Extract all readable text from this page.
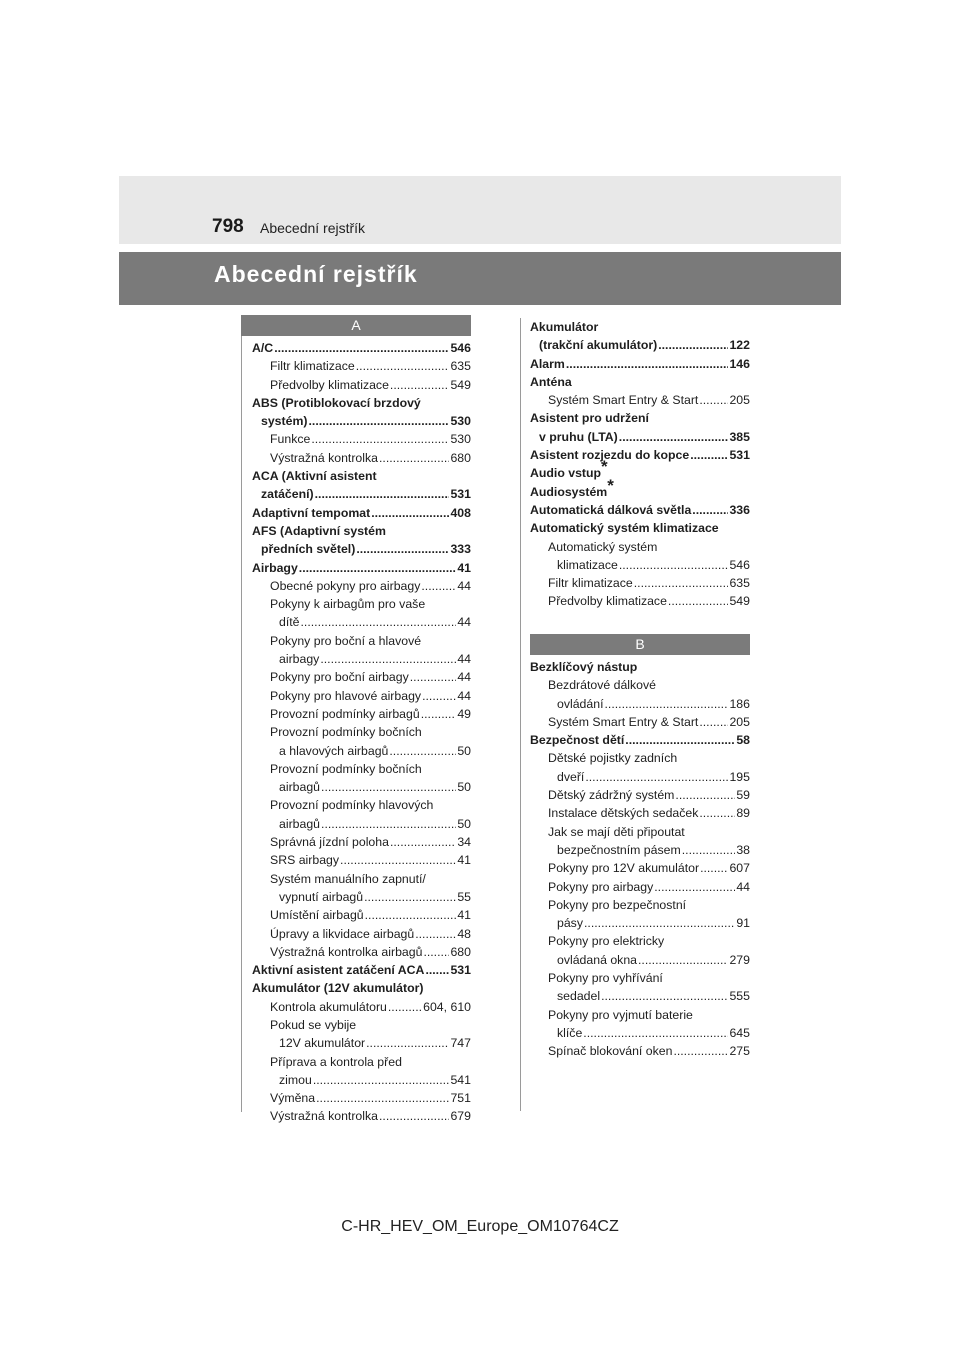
798 Abecední rejstřík
Abecední rejstřík
A
A/C .....	546
Filtr klimatizace .....	635
Předvolby klimatizace .....	549
ABS (Protiblokovací brzdový
systém) .....	530
Funkce .....	530
Výstražná kontrolka .....	680
ACA (Aktivní asistent
zatáčení) .....	531
Adaptivní tempomat .....	408
AFS (Adaptivní systém
předních světel) .....	333
Airbagy .....	41
Obecné pokyny pro airbagy .....	44
Pokyny k airbagům pro vaše
dítě .....	44
Pokyny pro boční a hlavové
airbagy .....	44
Pokyny pro boční airbagy .....	44
Pokyny pro hlavové airbagy .....	44
Provozní podmínky airbagů .....	49
Provozní podmínky bočních
a hlavových airbagů .....	50
Provozní podmínky bočních
airbagů .....	50
Provozní podmínky hlavových
airbagů .....	50
Správná jízdní poloha .....	34
SRS airbagy .....	41
Systém manuálního zapnutí/
vypnutí airbagů .....	55
Umístění airbagů .....	41
Úpravy a likvidace airbagů .....	48
Výstražná kontrolka airbagů ..... 680
Aktivní asistent zatáčení ACA ..... 531
Akumulátor (12V akumulátor)
Kontrola akumulátoru .....	604, 610
Pokud se vybije
12V akumulátor .....	747
Příprava a kontrola před
zimou .....	541
Výměna .....	751
Výstražná kontrolka .....	679
Akumulátor
(trakční akumulátor) .....	122
Alarm .....	146
Anténa
Systém Smart Entry & Start .....	205
Asistent pro udržení
v pruhu (LTA) .....	385
Asistent rozjezdu do kopce .....	531
Audio vstup*
Audiosystém*
Automatická dálková světla .....	336
Automatický systém klimatizace
Automatický systém
klimatizace .....	546
Filtr klimatizace .....	635
Předvolby klimatizace .....	549
B
Bezklíčový nástup
Bezdrátové dálkové
ovládání .....	186
Systém Smart Entry & Start .....	205
Bezpečnost dětí .....	58
Dětské pojistky zadních
dveří .....	195
Dětský zádržný systém .....	59
Instalace dětských sedaček .....	89
Jak se mají děti připoutat
bezpečnostním pásem .....	38
Pokyny pro 12V akumulátor ..... 607
Pokyny pro airbagy .....	44
Pokyny pro bezpečnostní
pásy .....	91
Pokyny pro elektricky
ovládaná okna .....	279
Pokyny pro vyhřívání
sedadel .....	555
Pokyny pro vyjmutí baterie
klíče .....	645
Spínač blokování oken .....	275
C-HR_HEV_OM_Europe_OM10764CZ
